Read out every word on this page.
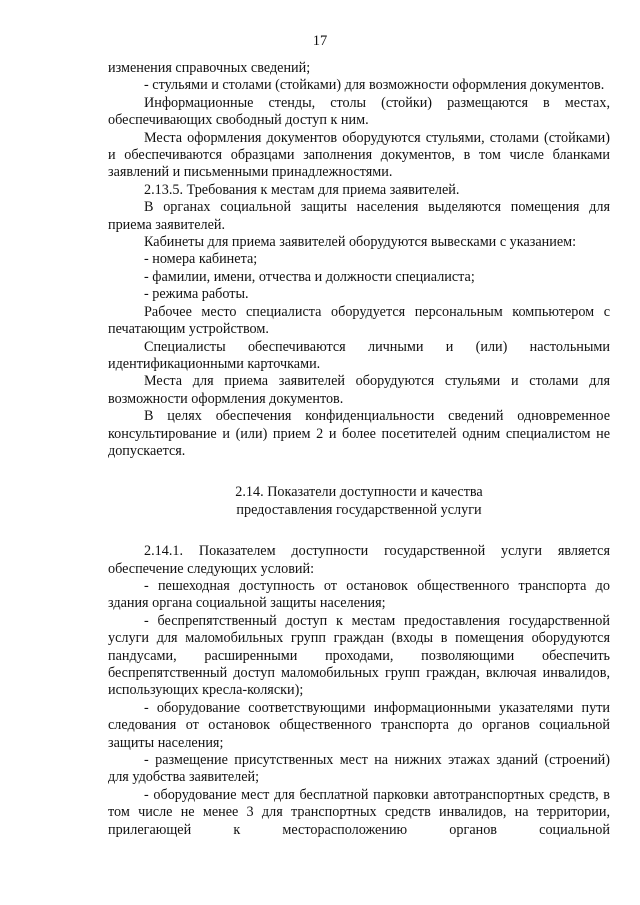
17

изменения справочных сведений;

- стульями и столами (стойками) для возможности оформления документов.

Информационные стенды, столы (стойки) размещаются в местах, обеспечивающих свободный доступ к ним.

Места оформления документов оборудуются стульями, столами (стойками) и обеспечиваются образцами заполнения документов, в том числе бланками заявлений и письменными принадлежностями.

2.13.5. Требования к местам для приема заявителей.

В органах социальной защиты населения выделяются помещения для приема заявителей.

Кабинеты для приема заявителей оборудуются вывесками с указанием:

- номера кабинета;

- фамилии, имени, отчества и должности специалиста;

- режима работы.

Рабочее место специалиста оборудуется персональным компьютером с печатающим устройством.

Специалисты обеспечиваются личными и (или) настольными идентификационными карточками.

Места для приема заявителей оборудуются стульями и столами для возможности оформления документов.

В целях обеспечения конфиденциальности сведений одновременное консультирование и (или) прием 2 и более посетителей одним специалистом не допускается.

2.14. Показатели доступности и качества
предоставления государственной услуги

2.14.1. Показателем доступности государственной услуги является обеспечение следующих условий:

- пешеходная доступность от остановок общественного транспорта до здания органа социальной защиты населения;

- беспрепятственный доступ к местам предоставления государственной услуги для маломобильных групп граждан (входы в помещения оборудуются пандусами, расширенными проходами, позволяющими обеспечить беспрепятственный доступ маломобильных групп граждан, включая инвалидов, использующих кресла-коляски);

- оборудование соответствующими информационными указателями пути следования от остановок общественного транспорта до органов социальной защиты населения;

- размещение присутственных мест на нижних этажах зданий (строений) для удобства заявителей;

- оборудование мест для бесплатной парковки автотранспортных средств, в том числе не менее 3 для транспортных средств инвалидов, на территории, прилегающей к месторасположению органов социальной
